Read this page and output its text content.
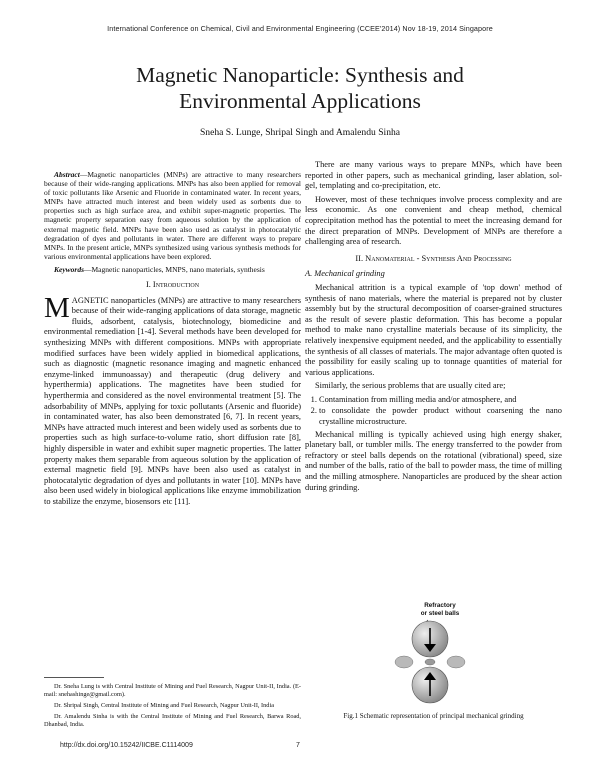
International Conference on Chemical, Civil and Environmental Engineering (CCEE'2014) Nov 18-19, 2014 Singapore
Magnetic Nanoparticle: Synthesis and
Environmental Applications
Sneha S. Lunge, Shripal Singh and Amalendu Sinha

Abstract—Magnetic nanoparticles (MNPs) are attractive to many researchers because of their wide-ranging applications. MNPs has also been applied for removal of toxic pollutants like Arsenic and Fluoride in contaminated water. In recent years, MNPs have attracted much interest and been widely used as sorbents due to properties such as high surface area, and exhibit super-magnetic properties. The magnetic property separation easy from aqueous solution by the application of external magnetic field. MNPs have been also used as catalyst in photocatalytic degradation of dyes and pollutants in water. There are different ways to prepare MNPs. In the present article, MNPs synthesized using various synthesis methods for various environmental applications have been explored.

Keywords—Magnetic nanoparticles, MNPS, nano materials, synthesis

I. Introduction

MAGNETIC nanoparticles (MNPs) are attractive to many researchers because of their wide-ranging applications of data storage, magnetic fluids, adsorbent, catalysis, biotechnology, biomedicine and environmental remediation [1-4]. Several methods have been developed for synthesizing MNPs with different compositions. MNPs with appropriate modified surfaces have been widely applied in biomedical applications, such as diagnostic (magnetic resonance imaging and magnetic enhanced enzyme-linked immunoassay) and therapeutic (drug delivery and hyperthermia) applications. The magnetites have been studied for hyperthermia and considered as the novel environmental treatment [5]. The adsorbability of MNPs, applying for toxic pollutants (Arsenic and fluoride) in contaminated water, has also been demonstrated [6, 7]. In recent years, MNPs have attracted much interest and been widely used as sorbents due to properties such as high surface-to-volume ratio, short diffusion rate [8], highly dispersible in water and exhibit super magnetic properties. The latter property makes them separable from aqueous solution by the application of external magnetic field [9]. MNPs have been also used as catalyst in photocatalytic degradation of dyes and pollutants in water [10]. MNPs have also been used widely in biological applications like enzyme immobilization to stabilize the enzyme, biosensors etc [11].

Dr. Sneha Lung is with Central Institute of Mining and Fuel Research, Nagpur Unit-II, India. (E-mail: snehashinge@gmail.com).

Dr. Shripal Singh, Central Institute of Mining and Fuel Research, Nagpur Unit-II, India

Dr. Amalendu Sinha is with the Central Institute of Mining and Fuel Research, Barwa Road, Dhanbad, India.

There are many various ways to prepare MNPs, which have been reported in other papers, such as mechanical grinding, laser ablation, sol-gel, templating and co-precipitation, etc.

However, most of these techniques involve process complexity and are less economic. As one convenient and cheap method, chemical coprecipitation method has the potential to meet the increasing demand for the direct preparation of MNPs. Development of MNPs are therefore a challenging area of research.

II. Nanomaterial - Synthesis And Processing
A. Mechanical grinding

Mechanical attrition is a typical example of 'top down' method of synthesis of nano materials, where the material is prepared not by cluster assembly but by the structural decomposition of coarser-grained structures as the result of severe plastic deformation. This has become a popular method to make nano crystalline materials because of its simplicity, the relatively inexpensive equipment needed, and the applicability to essentially the synthesis of all classes of materials. The major advantage often quoted is the possibility for easily scaling up to tonnage quantities of material for various applications.

Similarly, the serious problems that are usually cited are;

1. Contamination from milling media and/or atmosphere, and
2. to consolidate the powder product without coarsening the nano crystalline microstructure.

Mechanical milling is typically achieved using high energy shaker, planetary ball, or tumbler mills. The energy transferred to the powder from refractory or steel balls depends on the rotational (vibrational) speed, size and number of the balls, ratio of the ball to powder mass, the time of milling and the milling atmosphere. Nanoparticles are produced by the shear action during grinding.

Refractory
or steel balls
Fig.1 Schematic representation of principal mechanical grinding
http://dx.doi.org/10.15242/IICBE.C1114009	7
